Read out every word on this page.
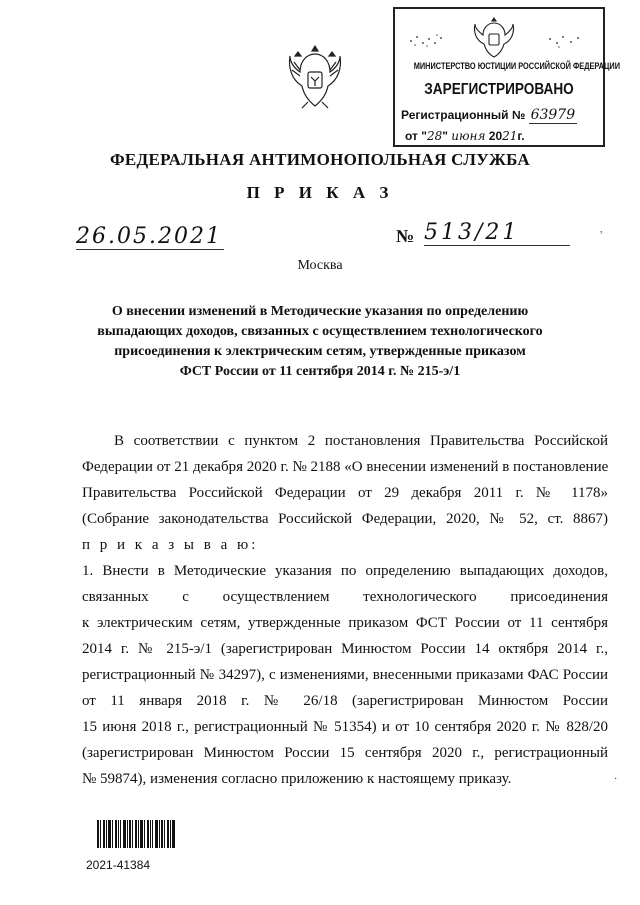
МИНИСТЕРСТВО ЮСТИЦИИ РОССИЙСКОЙ ФЕДЕРАЦИИ
ЗАРЕГИСТРИРОВАНО
Регистрационный № 63979
от "28" июня 2021г.
ФЕДЕРАЛЬНАЯ АНТИМОНОПОЛЬНАЯ СЛУЖБА
П Р И К А З
26.05.2021	№ 513/21
Москва
О внесении изменений в Методические указания по определению
выпадающих доходов, связанных с осуществлением технологического
присоединения к электрическим сетям, утвержденные приказом
ФСТ России от 11 сентября 2014 г. № 215-э/1
В соответствии с пунктом 2 постановления Правительства Российской
Федерации от 21 декабря 2020 г. № 2188 «О внесении изменений в постановление
Правительства Российской Федерации от 29 декабря 2011 г. № 1178»
(Собрание законодательства Российской Федерации, 2020, № 52, ст. 8867)
п р и к а з ы в а ю:
1. Внести в Методические указания по определению выпадающих доходов,
связанных с осуществлением технологического присоединения
к электрическим сетям, утвержденные приказом ФСТ России от 11 сентября
2014 г. № 215-э/1 (зарегистрирован Минюстом России 14 октября 2014 г.,
регистрационный № 34297), с изменениями, внесенными приказами ФАС России
от 11 января 2018 г. № 26/18 (зарегистрирован Минюстом России
15 июня 2018 г., регистрационный № 51354) и от 10 сентября 2020 г. № 828/20
(зарегистрирован Минюстом России 15 сентября 2020 г., регистрационный
№ 59874), изменения согласно приложению к настоящему приказу.
,
·
2021-41384
